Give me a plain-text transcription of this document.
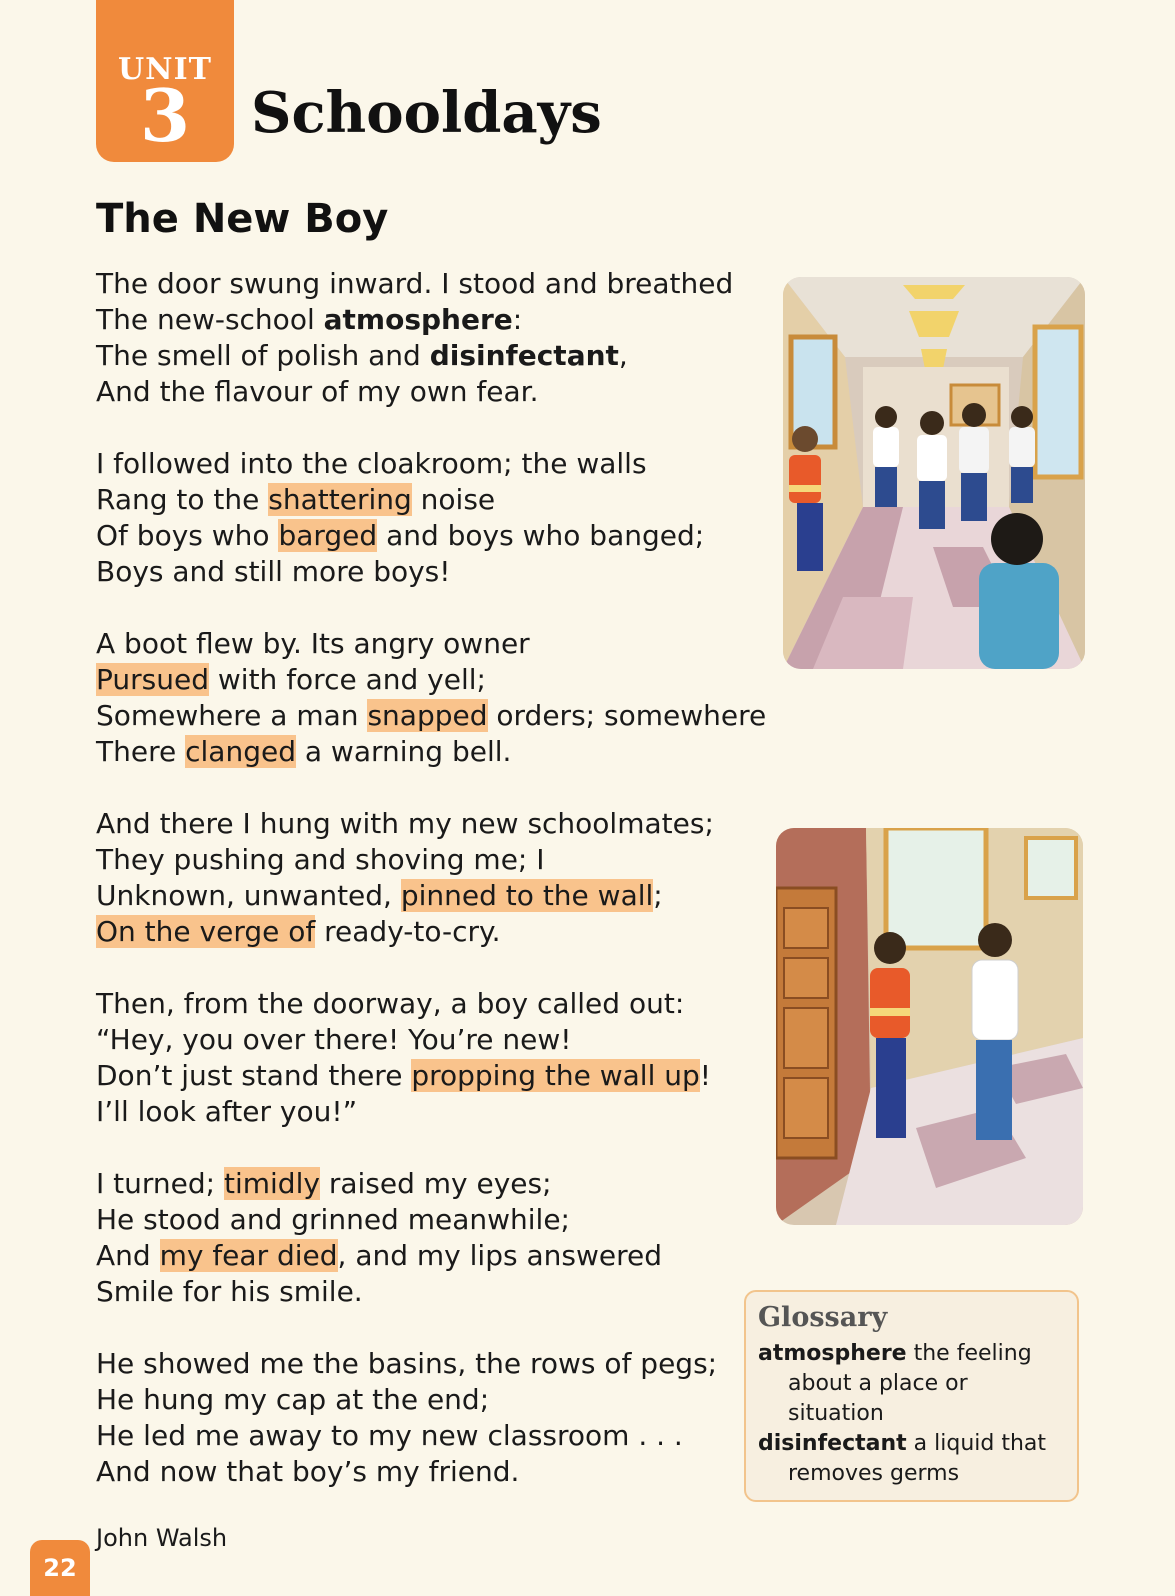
UNIT
3	Schooldays
The New Boy
The door swung inward. I stood and breathed
The new-school atmosphere:
The smell of polish and disinfectant,
And the flavour of my own fear.
I followed into the cloakroom; the walls
Rang to the shattering noise
Of boys who barged and boys who banged;
Boys and still more boys!
A boot flew by. Its angry owner
Pursued with force and yell;
Somewhere a man snapped orders; somewhere
There clanged a warning bell.
And there I hung with my new schoolmates;
They pushing and shoving me; I
Unknown, unwanted, pinned to the wall;
On the verge of ready-to-cry.
Then, from the doorway, a boy called out:
“Hey, you over there! You’re new!
Don’t just stand there propping the wall up!
I’ll look after you!”
I turned; timidly raised my eyes;
He stood and grinned meanwhile;
And my fear died, and my lips answered
Smile for his smile.
He showed me the basins, the rows of pegs;
He hung my cap at the end;
He led me away to my new classroom . . .
And now that boy’s my friend.
John Walsh
22
Glossary
atmosphere the feeling about a place or situation
disinfectant a liquid that removes germs
